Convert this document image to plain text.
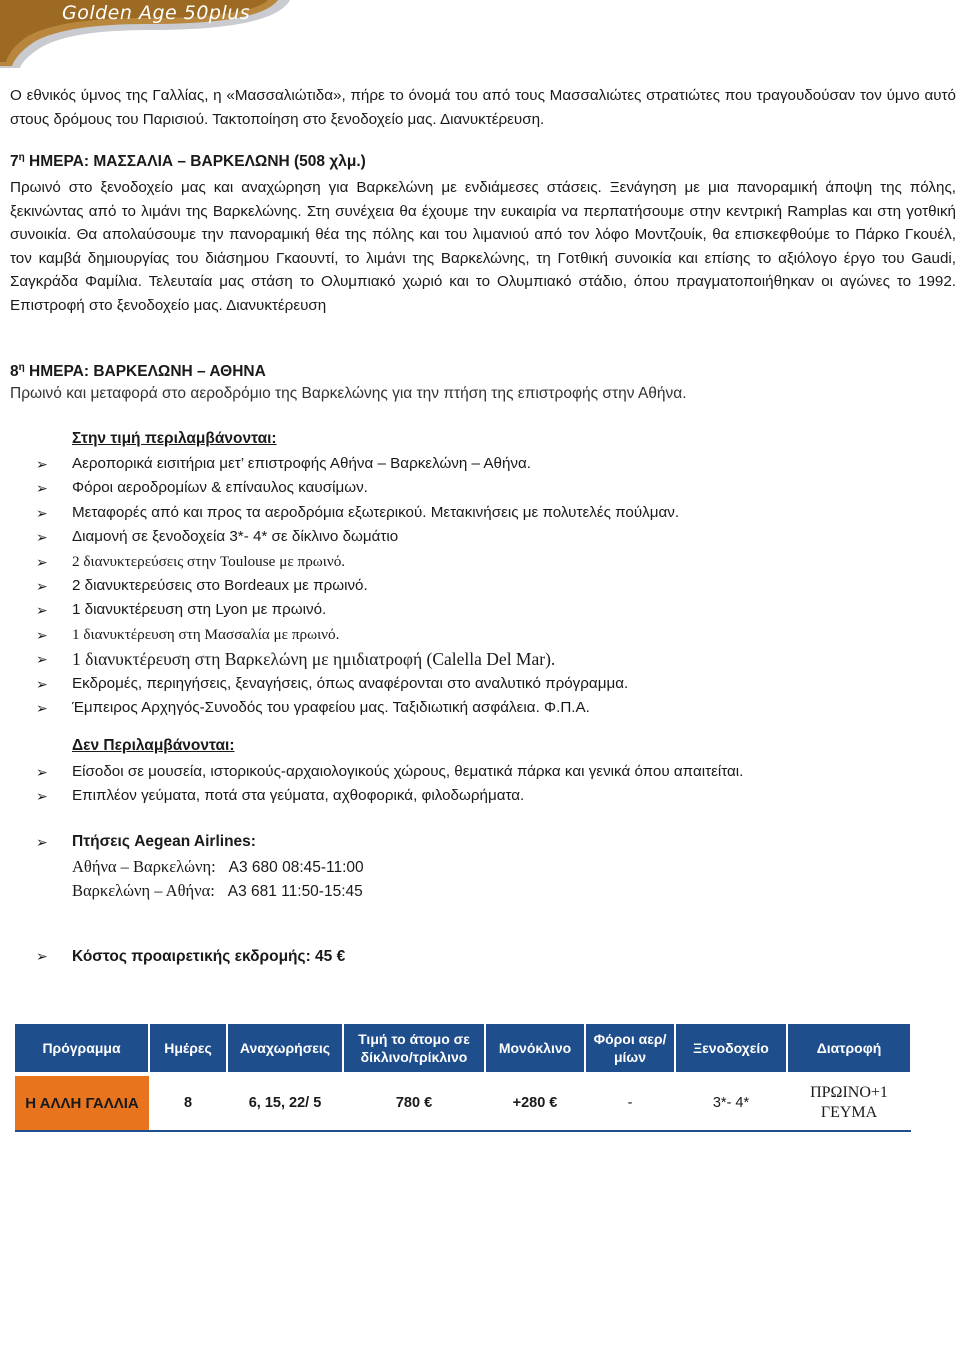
Golden Age 50plus

Ο εθνικός ύμνος της Γαλλίας, η «Μασσαλιώτιδα», πήρε το όνομά του από τους Μασσαλιώτες στρατιώτες που τραγουδούσαν τον ύμνο αυτό στους δρόμους του Παρισιού. Τακτοποίηση στο ξενοδοχείο μας. Διανυκτέρευση.

$7^\eta$ ΗΜΕΡΑ: ΜΑΣΣΑΛΙΑ – ΒΑΡΚΕΛΩΝΗ (508 χλμ.)

Πρωινό στο ξενοδοχείο μας και αναχώρηση για Βαρκελώνη με ενδιάμεσες στάσεις. Ξενάγηση με μια πανοραμική άποψη της πόλης, ξεκινώντας από το λιμάνι της Βαρκελώνης. Στη συνέχεια θα έχουμε την ευκαιρία να περπατήσουμε στην κεντρική Ramplas και στη γοτθική συνοικία. Θα απολαύσουμε την πανοραμική θέα της πόλης και του λιμανιού από τον λόφο Μοντζουίκ, θα επισκεφθούμε το Πάρκο Γκουέλ, τον καμβά δημιουργίας του διάσημου Γκαουντί, το λιμάνι της Βαρκελώνης, τη Γοτθική συνοικία και επίσης το αξιόλογο έργο του Gaudi, Σαγκράδα Φαμίλια. Τελευταία μας στάση το Ολυμπιακό χωριό και το Ολυμπιακό στάδιο, όπου πραγματοποιήθηκαν οι αγώνες το 1992. Επιστροφή στο ξενοδοχείο μας. Διανυκτέρευση

$8^\eta$ ΗΜΕΡΑ: ΒΑΡΚΕΛΩΝΗ – ΑΘΗΝΑ

Πρωινό και μεταφορά στο αεροδρόμιο της Βαρκελώνης για την πτήση της επιστροφής στην Αθήνα.

Στην τιμή περιλαμβάνονται:
➢ Αεροπορικά εισιτήρια μετ’ επιστροφής Αθήνα – Βαρκελώνη – Αθήνα.
➢ Φόροι αεροδρομίων & επίναυλος καυσίμων.
➢ Μεταφορές από και προς τα αεροδρόμια εξωτερικού. Μετακινήσεις με πολυτελές πούλμαν.
➢ Διαμονή σε ξενοδοχεία 3*- 4* σε δίκλινο δωμάτιο
➢ 2 διανυκτερεύσεις στην Toulouse με πρωινό.
➢ 2 διανυκτερεύσεις στο Bordeaux με πρωινό.
➢ 1 διανυκτέρευση στη Lyon με πρωινό.
➢ 1 διανυκτέρευση στη Μασσαλία με πρωινό.
➢ 1 διανυκτέρευση στη Βαρκελώνη με ημιδιατροφή (Calella Del Mar).
➢ Εκδρομές, περιηγήσεις, ξεναγήσεις, όπως αναφέρονται στο αναλυτικό πρόγραμμα.
➢ Έμπειρος Αρχηγός-Συνοδός του γραφείου μας. Ταξιδιωτική ασφάλεια. Φ.Π.Α.
Δεν Περιλαμβάνονται:
➢ Είσοδοι σε μουσεία, ιστορικούς-αρχαιολογικούς χώρους, θεματικά πάρκα και γενικά όπου απαιτείται.
➢ Επιπλέον γεύματα, ποτά στα γεύματα, αχθοφορικά, φιλοδωρήματα.
➢ Πτήσεις Aegean Airlines:
Αθήνα – Βαρκελώνη: A3 680 08:45-11:00
Βαρκελώνη – Αθήνα: A3 681 11:50-15:45
➢ Κόστος προαιρετικής εκδρομής: 45 €
Πρόγραμμα	Ημέρες	Αναχωρήσεις	Τιμή το άτομο σε δίκλινο/τρίκλινο	Μονόκλινο	Φόροι αερ/μίων	Ξενοδοχείο	Διατροφή

Η ΑΛΛΗ ΓΑΛΛΙΑ	8	6, 15, 22/ 5	780 €	+280 €	-	3*- 4*	ΠΡΩΙΝΟ+1 ΓΕΥΜΑ
